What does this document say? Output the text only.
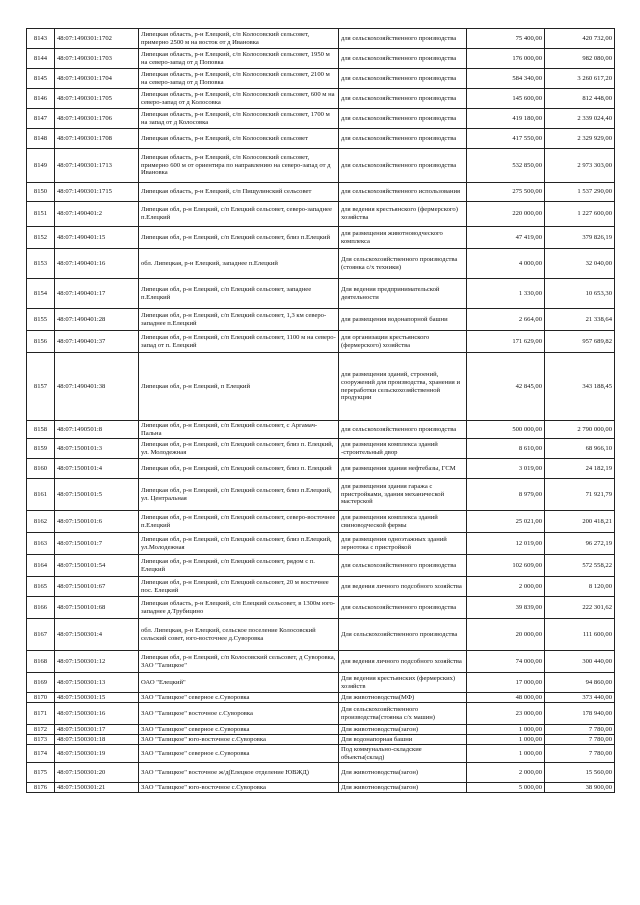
8143	48:07:1490301:1702	Липецкая область, р-н Елецкий, с/п Колосовский сельсовет, примерно 2500 м на восток от д Ивановка	для сельскохозяйственного производства	75 400,00	420 732,00
8144	48:07:1490301:1703	Липецкая область, р-н Елецкий, с/п Колосовский сельсовет, 1950 м на северо-запад от д Поповка	для сельскохозяйственного производства	176 000,00	982 080,00
8145	48:07:1490301:1704	Липецкая область, р-н Елецкий, с/п Колосовский сельсовет, 2100 м на северо-запад от д Поповка	для сельскохозяйственного производства	584 340,00	3 260 617,20
8146	48:07:1490301:1705	Липецкая область, р-н Елецкий, с/п Колосовский сельсовет, 600 м на северо-запад от д Колосовка	для сельскохозяйственного производства	145 600,00	812 448,00
8147	48:07:1490301:1706	Липецкая область, р-н Елецкий, с/п Колосовский сельсовет, 1700 м на запад от д Колосовка	для сельскохозяйственного производства	419 180,00	2 339 024,40
8148	48:07:1490301:1708	Липецкая область, р-н Елецкий, с/п Колосовский сельсовет	для сельскохозяйственного производства	417 550,00	2 329 929,00
8149	48:07:1490301:1713	Липецкая область, р-н Елецкий, с/п Колосовский сельсовет, примерно 600 м от ориентира по направлению на северо-запад от д Ивановка	для сельскохозяйственного производства	532 850,00	2 973 303,00
8150	48:07:1490301:1715	Липецкая область, р-н Елецкий, с/п Пищулинский сельсовет	для сельскохозяйственного использования	275 500,00	1 537 290,00
8151	48:07:1490401:2	Липецкая обл, р-н Елецкий, с/п Елецкий сельсовет, северо-западнее п.Елецкий	для ведения крестьянского (фермерского) хозяйства	220 000,00	1 227 600,00
8152	48:07:1490401:15	Липецкая обл, р-н Елецкий, с/п Елецкий сельсовет, близ п.Елецкий	для размещения животноводческого комплекса	47 419,00	379 826,19
8153	48:07:1490401:16	обл. Липецкая, р-н Елецкий, западнее п.Елецкий	Для сельскохозяйственного производства (стоянка с/х техники)	4 000,00	32 040,00
8154	48:07:1490401:17	Липецкая обл, р-н Елецкий, с/п Елецкий сельсовет, западнее п.Елецкий	Для ведения предпринимательской деятельности	1 330,00	10 653,30
8155	48:07:1490401:28	Липецкая обл, р-н Елецкий, с/п Елецкий сельсовет, 1,3 км северо-западнее п.Елецкий	для размещения водонапорной башни	2 664,00	21 338,64
8156	48:07:1490401:37	Липецкая обл, р-н Елецкий, с/п Елецкий сельсовет, 1100 м на северо-запад от п. Елецкий	для организации крестьянского (фермерского) хозяйства	171 629,00	957 689,82
8157	48:07:1490401:38	Липецкая обл, р-н Елецкий, п Елецкий	для размещения зданий, строений, сооружений для производства, хранения и переработки сельскохозяйственной продукции	42 845,00	343 188,45
8158	48:07:1490501:8	Липецкая обл, р-н Елецкий, с/п Елецкий сельсовет, с Аргамач-Пальна	для сельскохозяйственного производства	500 000,00	2 790 000,00
8159	48:07:1500101:3	Липецкая обл, р-н Елецкий, с/п Елецкий сельсовет, близ п. Елецкий, ул. Молодежная	для размещения комплекса зданий -строительный двор	8 610,00	68 966,10
8160	48:07:1500101:4	Липецкая обл, р-н Елецкий, с/п Елецкий сельсовет, близ п. Елецкий	для размещения здания нефтебазы, ГСМ	3 019,00	24 182,19
8161	48:07:1500101:5	Липецкая обл, р-н Елецкий, с/п Елецкий сельсовет, близ п.Елецкий, ул. Центральная	для размещения здания гаража с пристройками, здания механической мастерской	8 979,00	71 921,79
8162	48:07:1500101:6	Липецкая обл, р-н Елецкий, с/п Елецкий сельсовет, северо-восточнее п.Елецкий	для размещения комплекса зданий свиноводческой фермы	25 021,00	200 418,21
8163	48:07:1500101:7	Липецкая обл, р-н Елецкий, с/п Елецкий сельсовет, близ п.Елецкий, ул.Молодежная	для размещения одноэтажных зданий зернотока с пристройкой	12 019,00	96 272,19
8164	48:07:1500101:54	Липецкая обл, р-н Елецкий, с/п Елецкий сельсовет, рядом с п. Елецкий	для сельскохозяйственного производства	102 609,00	572 558,22
8165	48:07:1500101:67	Липецкая обл, р-н Елецкий, с/п Елецкий сельсовет, 20 м восточнее пос. Елецкий	для ведения личного подсобного хозяйства	2 000,00	8 120,00
8166	48:07:1500101:68	Липецкая область, р-н Елецкий, с/п Елецкий сельсовет, в 1300м юго-западнее д.Трубицино	для сельскохозяйственного производства	39 839,00	222 301,62
8167	48:07:1500301:4	обл. Липецкая, р-н Елецкий, сельское поселение Колосовский сельский совет, юго-восточнее д.Суворовка	Для сельскохозяйственного производства	20 000,00	111 600,00
8168	48:07:1500301:12	Липецкая обл, р-н Елецкий, с/п Колосовский сельсовет, д Суворовка, ЗАО "Талицкое"	для ведения личного подсобного хозяйства	74 000,00	300 440,00
8169	48:07:1500301:13	ОАО "Елецкий"	Для ведения крестьянских (фермерских) хозяйств	17 000,00	94 860,00
8170	48:07:1500301:15	ЗАО "Талицкое" северное с.Суворовка	Для животноводства(МФ)	48 000,00	373 440,00
8171	48:07:1500301:16	ЗАО "Талицкое" восточное с.Суворовка	Для сельскохозяйственного производства(стоянка с/х машин)	23 000,00	178 940,00
8172	48:07:1500301:17	ЗАО "Талицкое" северное с.Суворовка	Для животноводства(загон)	1 000,00	7 780,00
8173	48:07:1500301:18	ЗАО "Талицкое" юго-восточное с.Суворовка	Для водонапорная башни	1 000,00	7 780,00
8174	48:07:1500301:19	ЗАО "Талицкое" северное с.Суворовка	Под коммунально-складские объекты(склад)	1 000,00	7 780,00
8175	48:07:1500301:20	ЗАО "Талицкое" восточное ж/д(Елецкое отделение ЮВЖД)	Для животноводства(загон)	2 000,00	15 560,00
8176	48:07:1500301:21	ЗАО "Талицкое" юго-восточное с.Суворовка	Для животноводства(загон)	5 000,00	38 900,00
